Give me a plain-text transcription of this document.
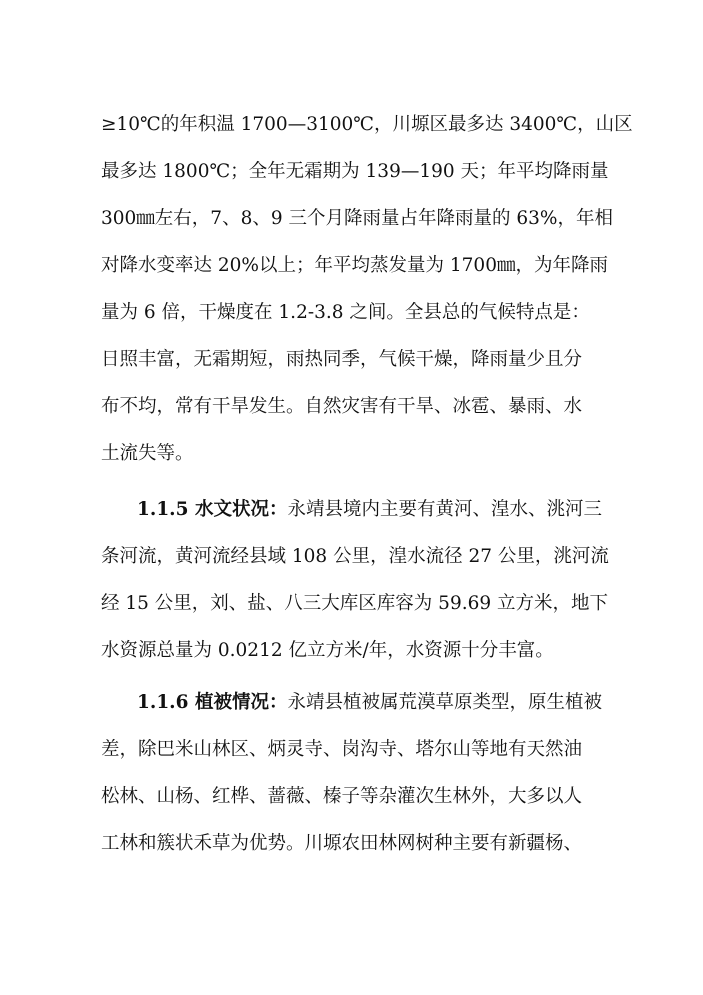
≥10℃的年积温 1700—3100℃，川塬区最多达 3400℃，山区
最多达 1800℃；全年无霜期为 139—190 天；年平均降雨量
300㎜左右，7、8、9 三个月降雨量占年降雨量的 63%，年相
对降水变率达 20%以上；年平均蒸发量为 1700㎜，为年降雨
量为 6 倍，干燥度在 1.2-3.8 之间。全县总的气候特点是：
日照丰富，无霜期短，雨热同季，气候干燥，降雨量少且分
布不均，常有干旱发生。自然灾害有干旱、冰雹、暴雨、水
土流失等。
1.1.5 水文状况：永靖县境内主要有黄河、湟水、洮河三
条河流，黄河流经县域 108 公里，湟水流径 27 公里，洮河流
经 15 公里，刘、盐、八三大库区库容为 59.69 立方米，地下
水资源总量为 0.0212 亿立方米/年，水资源十分丰富。
1.1.6 植被情况：永靖县植被属荒漠草原类型，原生植被
差，除巴米山林区、炳灵寺、岗沟寺、塔尔山等地有天然油
松林、山杨、红桦、蔷薇、榛子等杂灌次生林外，大多以人
工林和簇状禾草为优势。川塬农田林网树种主要有新疆杨、
